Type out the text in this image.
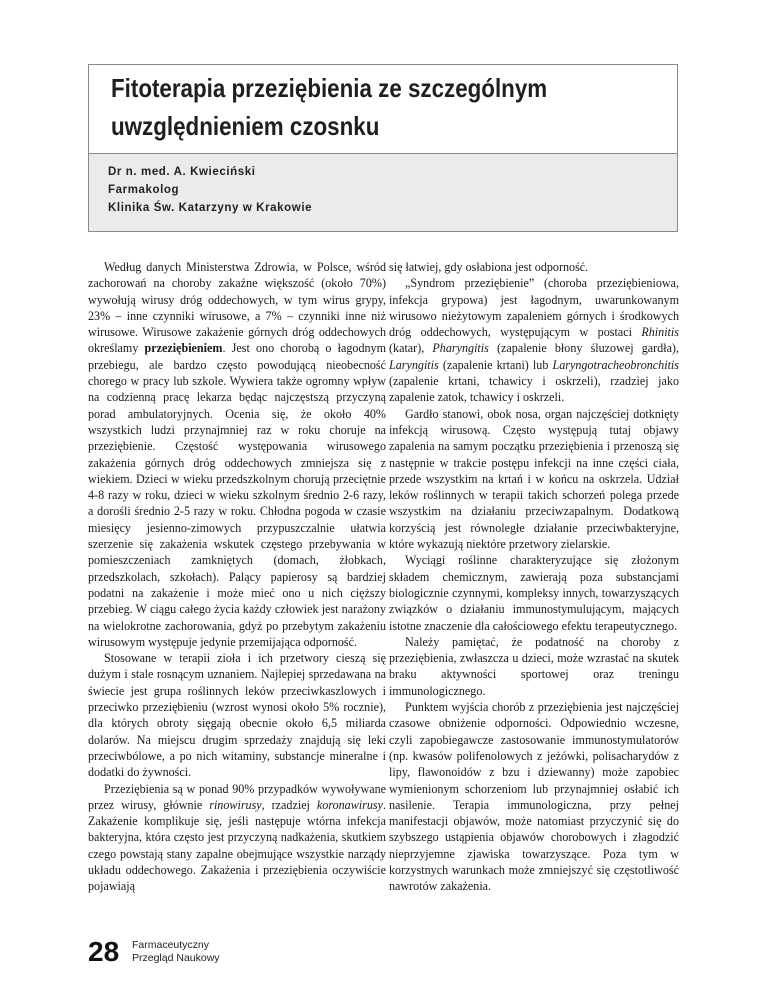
Fitoterapia przeziębienia ze szczególnym uwzględnieniem czosnku
Dr n. med. A. Kwieciński
Farmakolog
Klinika Św. Katarzyny w Krakowie

Według danych Ministerstwa Zdrowia, w Polsce, wśród zachorowań na choroby zakaźne większość (około 70%) wywołują wirusy dróg oddechowych, w tym wirus grypy, 23% – inne czynniki wirusowe, a 7% – czynniki inne niż wirusowe. Wirusowe zakażenie górnych dróg oddechowych określamy przeziębieniem. Jest ono chorobą o łagodnym przebiegu, ale bardzo często powodującą nieobecność chorego w pracy lub szkole. Wywiera także ogromny wpływ na codzienną pracę lekarza będąc najczęstszą przyczyną porad ambulatoryjnych. Ocenia się, że około 40% wszystkich ludzi przynajmniej raz w roku choruje na przeziębienie. Częstość występowania wirusowego zakażenia górnych dróg oddechowych zmniejsza się z wiekiem. Dzieci w wieku przedszkolnym chorują przeciętnie 4-8 razy w roku, dzieci w wieku szkolnym średnio 2-6 razy, a dorośli średnio 2-5 razy w roku. Chłodna pogoda w czasie miesięcy jesienno-zimowych przypuszczalnie ułatwia szerzenie się zakażenia wskutek częstego przebywania w pomieszczeniach zamkniętych (domach, żłobkach, przedszkolach, szkołach). Palący papierosy są bardziej podatni na zakażenie i może mieć ono u nich cięższy przebieg. W ciągu całego życia każdy człowiek jest narażony na wielokrotne zachorowania, gdyż po przebytym zakażeniu wirusowym występuje jedynie przemijająca odporność.

Stosowane w terapii zioła i ich przetwory cieszą się dużym i stale rosnącym uznaniem. Najlepiej sprzedawana na świecie jest grupa roślinnych leków przeciwkaszlowych i przeciwko przeziębieniu (wzrost wynosi około 5% rocznie), dla których obroty sięgają obecnie około 6,5 miliarda dolarów. Na miejscu drugim sprzedaży znajdują się leki przeciwbólowe, a po nich witaminy, substancje mineralne i dodatki do żywności.

Przeziębienia są w ponad 90% przypadków wywoływane przez wirusy, głównie rinowirusy, rzadziej koronawirusy. Zakażenie komplikuje się, jeśli następuje wtórna infekcja bakteryjna, która często jest przyczyną nadkażenia, skutkiem czego powstają stany zapalne obejmujące wszystkie narządy układu oddechowego. Zakażenia i przeziębienia oczywiście pojawiają

się łatwiej, gdy osłabiona jest odporność.

„Syndrom przeziębienie” (choroba przeziębieniowa, infekcja grypowa) jest łagodnym, uwarunkowanym wirusowo nieżytowym zapaleniem górnych i środkowych dróg oddechowych, występującym w postaci Rhinitis (katar), Pharyngitis (zapalenie błony śluzowej gardła), Laryngitis (zapalenie krtani) lub Laryngotracheobronchitis (zapalenie krtani, tchawicy i oskrzeli), rzadziej jako zapalenie zatok, tchawicy i oskrzeli.

Gardło stanowi, obok nosa, organ najczęściej dotknięty infekcją wirusową. Często występują tutaj objawy zapalenia na samym początku przeziębienia i przenoszą się następnie w trakcie postępu infekcji na inne części ciała, przede wszystkim na krtań i w końcu na oskrzela. Udział leków roślinnych w terapii takich schorzeń polega przede wszystkim na działaniu przeciwzapalnym. Dodatkową korzyścią jest równoległe działanie przeciwbakteryjne, które wykazują niektóre przetwory zielarskie.

Wyciągi roślinne charakteryzujące się złożonym składem chemicznym, zawierają poza substancjami biologicznie czynnymi, kompleksy innych, towarzyszących związków o działaniu immunostymulującym, mających istotne znaczenie dla całościowego efektu terapeutycznego.

Należy pamiętać, że podatność na choroby z przeziębienia, zwłaszcza u dzieci, może wzrastać na skutek braku aktywności sportowej oraz treningu immunologicznego.

Punktem wyjścia chorób z przeziębienia jest najczęściej czasowe obniżenie odporności. Odpowiednio wczesne, czyli zapobiegawcze zastosowanie immunostymulatorów (np. kwasów polifenolowych z jeżówki, polisacharydów z lipy, flawonoidów z bzu i dziewanny) może zapobiec wymienionym schorzeniom lub przynajmniej osłabić ich nasilenie. Terapia immunologiczna, przy pełnej manifestacji objawów, może natomiast przyczynić się do szybszego ustąpienia objawów chorobowych i złagodzić nieprzyjemne zjawiska towarzyszące. Poza tym w korzystnych warunkach może zmniejszyć się częstotliwość nawrotów zakażenia.

28 Farmaceutyczny
Przegląd Naukowy
